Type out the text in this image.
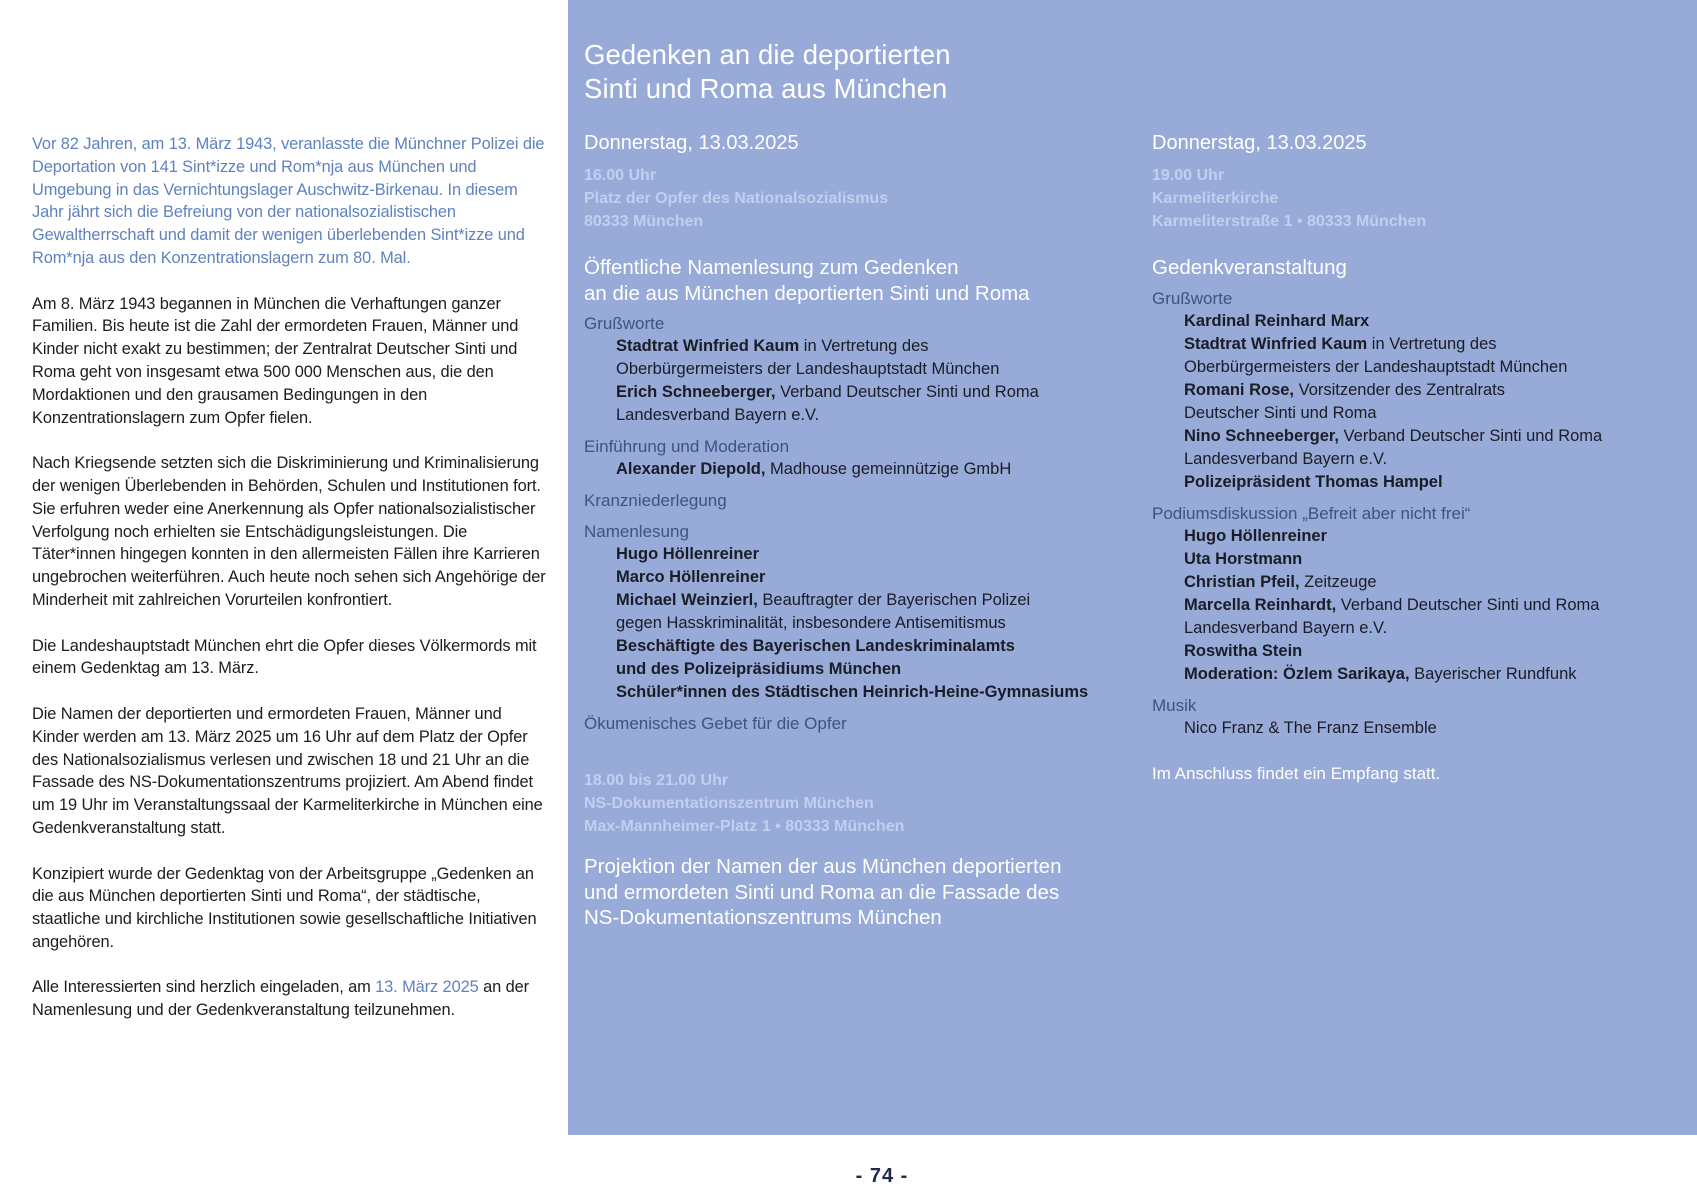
Vor 82 Jahren, am 13. März 1943, veranlasste die Münchner Polizei die Deportation von 141 Sint*izze und Rom*nja aus München und Umgebung in das Vernichtungslager Auschwitz-Birkenau. In diesem Jahr jährt sich die Befreiung von der nationalsozialistischen Gewaltherrschaft und damit der wenigen überlebenden Sint*izze und Rom*nja aus den Konzentrationslagern zum 80. Mal.

Am 8. März 1943 begannen in München die Verhaftungen ganzer Familien. Bis heute ist die Zahl der ermordeten Frauen, Männer und Kinder nicht exakt zu bestimmen; der Zentralrat Deutscher Sinti und Roma geht von insgesamt etwa 500 000 Menschen aus, die den Mordaktionen und den grausamen Bedingungen in den Konzentrationslagern zum Opfer fielen.

Nach Kriegsende setzten sich die Diskriminierung und Kriminalisierung der wenigen Überlebenden in Behörden, Schulen und Institutionen fort. Sie erfuhren weder eine Anerkennung als Opfer nationalsozialistischer Verfolgung noch erhielten sie Entschädigungsleistungen. Die Täter*innen hingegen konnten in den allermeisten Fällen ihre Karrieren ungebrochen weiterführen. Auch heute noch sehen sich Angehörige der Minderheit mit zahlreichen Vorurteilen konfrontiert.

Die Landeshauptstadt München ehrt die Opfer dieses Völkermords mit einem Gedenktag am 13. März.

Die Namen der deportierten und ermordeten Frauen, Männer und Kinder werden am 13. März 2025 um 16 Uhr auf dem Platz der Opfer des Nationalsozialismus verlesen und zwischen 18 und 21 Uhr an die Fassade des NS-Dokumentationszentrums projiziert. Am Abend findet um 19 Uhr im Veranstaltungssaal der Karmeliterkirche in München eine Gedenkveranstaltung statt.

Konzipiert wurde der Gedenktag von der Arbeitsgruppe „Gedenken an die aus München deportierten Sinti und Roma“, der städtische, staatliche und kirchliche Institutionen sowie gesellschaftliche Initiativen angehören.

Alle Interessierten sind herzlich eingeladen, am 13. März 2025 an der Namenlesung und der Gedenkveranstaltung teilzunehmen.

Gedenken an die deportierten
Sinti und Roma aus München
Donnerstag, 13.03.2025
16.00 Uhr
Platz der Opfer des Nationalsozialismus
80333 München
Öffentliche Namenlesung zum Gedenken
an die aus München deportierten Sinti und Roma
Grußworte
Stadtrat Winfried Kaum in Vertretung des
Oberbürgermeisters der Landeshauptstadt München
Erich Schneeberger, Verband Deutscher Sinti und Roma
Landesverband Bayern e.V.
Einführung und Moderation
Alexander Diepold, Madhouse gemeinnützige GmbH
Kranzniederlegung
Namenlesung
Hugo Höllenreiner
Marco Höllenreiner
Michael Weinzierl, Beauftragter der Bayerischen Polizei
gegen Hasskriminalität, insbesondere Antisemitismus
Beschäftigte des Bayerischen Landeskriminalamts
und des Polizeipräsidiums München
Schüler*innen des Städtischen Heinrich-Heine-Gymnasiums
Ökumenisches Gebet für die Opfer
18.00 bis 21.00 Uhr
NS-Dokumentationszentrum München
Max-Mannheimer-Platz 1 • 80333 München
Projektion der Namen der aus München deportierten
und ermordeten Sinti und Roma an die Fassade des
NS-Dokumentationszentrums München
Donnerstag, 13.03.2025
19.00 Uhr
Karmeliterkirche
Karmeliterstraße 1 • 80333 München
Gedenkveranstaltung
Grußworte
Kardinal Reinhard Marx
Stadtrat Winfried Kaum in Vertretung des
Oberbürgermeisters der Landeshauptstadt München
Romani Rose, Vorsitzender des Zentralrats
Deutscher Sinti und Roma
Nino Schneeberger, Verband Deutscher Sinti und Roma
Landesverband Bayern e.V.
Polizeipräsident Thomas Hampel
Podiumsdiskussion „Befreit aber nicht frei“
Hugo Höllenreiner
Uta Horstmann
Christian Pfeil, Zeitzeuge
Marcella Reinhardt, Verband Deutscher Sinti und Roma
Landesverband Bayern e.V.
Roswitha Stein
Moderation: Özlem Sarikaya, Bayerischer Rundfunk
Musik
Nico Franz & The Franz Ensemble
Im Anschluss findet ein Empfang statt.
- 74 -
